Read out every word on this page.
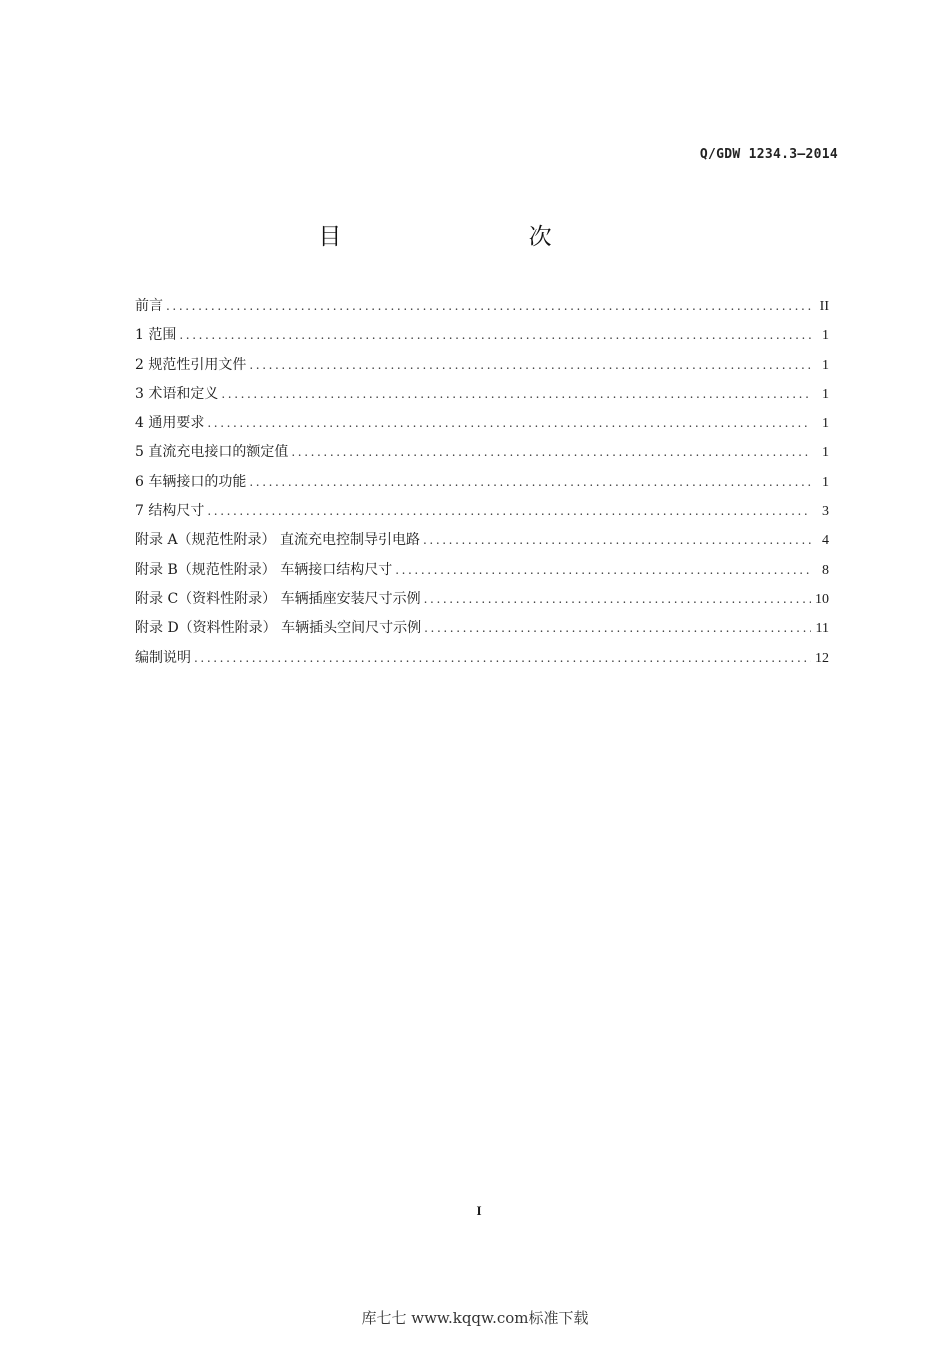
Q/GDW 1234.3—2014
目 次
前言 .....	II
1 范围 .....	1
2 规范性引用文件 .....	1
3 术语和定义 .....	1
4 通用要求 .....	1
5 直流充电接口的额定值 .....	1
6 车辆接口的功能 .....	1
7 结构尺寸 .....	3
附录 A（规范性附录） 直流充电控制导引电路 .....	4
附录 B（规范性附录） 车辆接口结构尺寸 .....	8
附录 C（资料性附录） 车辆插座安装尺寸示例 .....	10
附录 D（资料性附录） 车辆插头空间尺寸示例 .....	11
编制说明 .....	12
I
库七七 www.kqqw.com标准下载
